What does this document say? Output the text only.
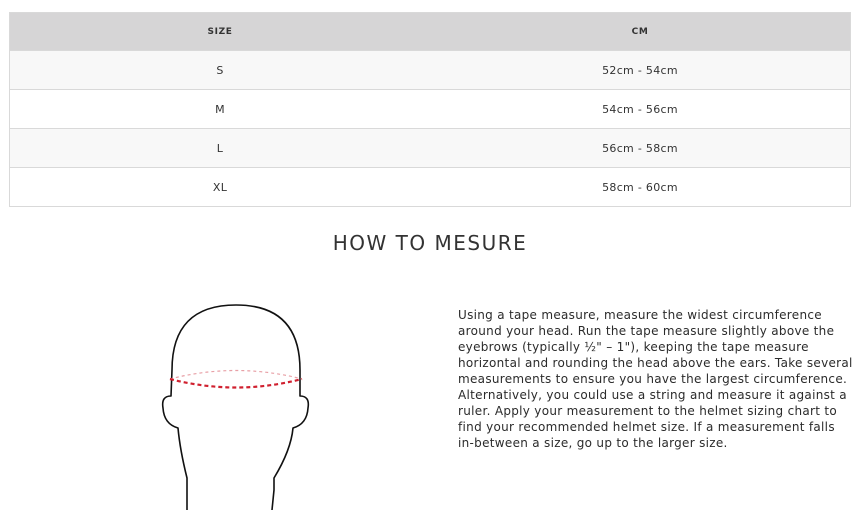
SIZE	CM
S	52cm - 54cm
M	54cm - 56cm
L	56cm - 58cm
XL	58cm - 60cm
HOW TO MESURE

Using a tape measure, measure the widest circumference around your head. Run the tape measure slightly above the eyebrows (typically ½" – 1"), keeping the tape measure horizontal and rounding the head above the ears. Take several measurements to ensure you have the largest circumference. Alternatively, you could use a string and measure it against a ruler. Apply your measurement to the helmet sizing chart to find your recommended helmet size. If a measurement falls in-between a size, go up to the larger size.
